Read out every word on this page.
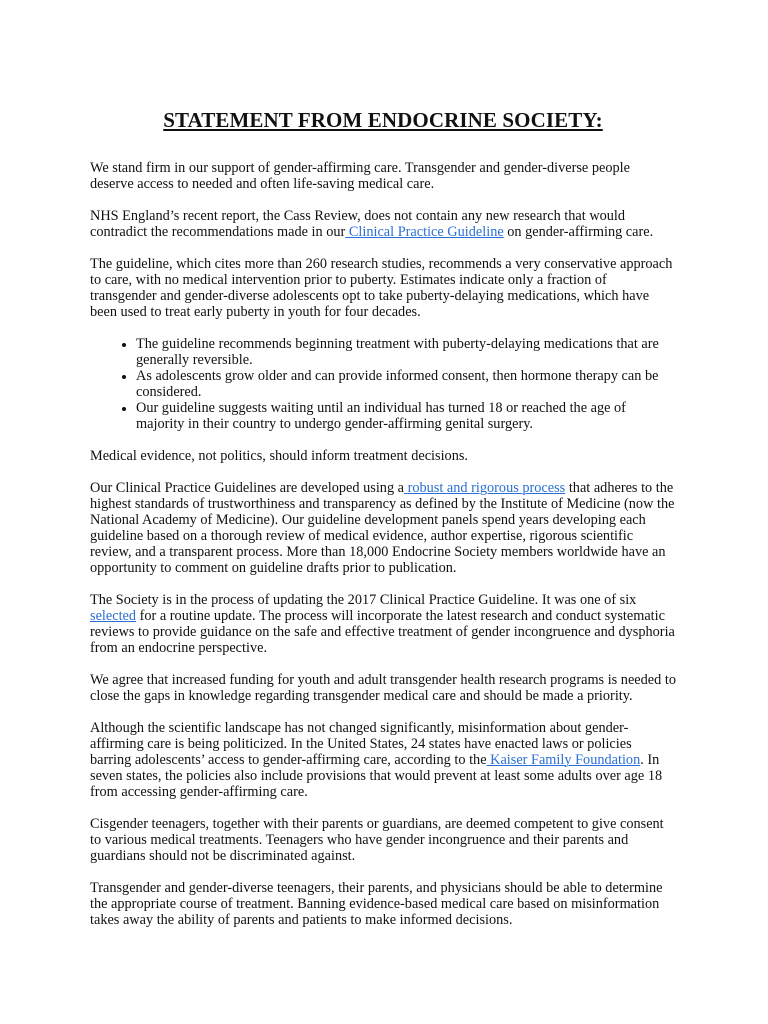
STATEMENT FROM ENDOCRINE SOCIETY:

We stand firm in our support of gender-affirming care. Transgender and gender-diverse people deserve access to needed and often life-saving medical care.

NHS England’s recent report, the Cass Review, does not contain any new research that would contradict the recommendations made in our Clinical Practice Guideline on gender-affirming care.

The guideline, which cites more than 260 research studies, recommends a very conservative approach to care, with no medical intervention prior to puberty. Estimates indicate only a fraction of transgender and gender-diverse adolescents opt to take puberty-delaying medications, which have been used to treat early puberty in youth for four decades.

• The guideline recommends beginning treatment with puberty-delaying medications that are generally reversible.
• As adolescents grow older and can provide informed consent, then hormone therapy can be considered.
• Our guideline suggests waiting until an individual has turned 18 or reached the age of majority in their country to undergo gender-affirming genital surgery.

Medical evidence, not politics, should inform treatment decisions.

Our Clinical Practice Guidelines are developed using a robust and rigorous process that adheres to the highest standards of trustworthiness and transparency as defined by the Institute of Medicine (now the National Academy of Medicine). Our guideline development panels spend years developing each guideline based on a thorough review of medical evidence, author expertise, rigorous scientific review, and a transparent process. More than 18,000 Endocrine Society members worldwide have an opportunity to comment on guideline drafts prior to publication.

The Society is in the process of updating the 2017 Clinical Practice Guideline. It was one of six selected for a routine update. The process will incorporate the latest research and conduct systematic reviews to provide guidance on the safe and effective treatment of gender incongruence and dysphoria from an endocrine perspective.

We agree that increased funding for youth and adult transgender health research programs is needed to close the gaps in knowledge regarding transgender medical care and should be made a priority.

Although the scientific landscape has not changed significantly, misinformation about gender-affirming care is being politicized. In the United States, 24 states have enacted laws or policies barring adolescents’ access to gender-affirming care, according to the Kaiser Family Foundation. In seven states, the policies also include provisions that would prevent at least some adults over age 18 from accessing gender-affirming care.

Cisgender teenagers, together with their parents or guardians, are deemed competent to give consent to various medical treatments. Teenagers who have gender incongruence and their parents and guardians should not be discriminated against.

Transgender and gender-diverse teenagers, their parents, and physicians should be able to determine the appropriate course of treatment. Banning evidence-based medical care based on misinformation takes away the ability of parents and patients to make informed decisions.
